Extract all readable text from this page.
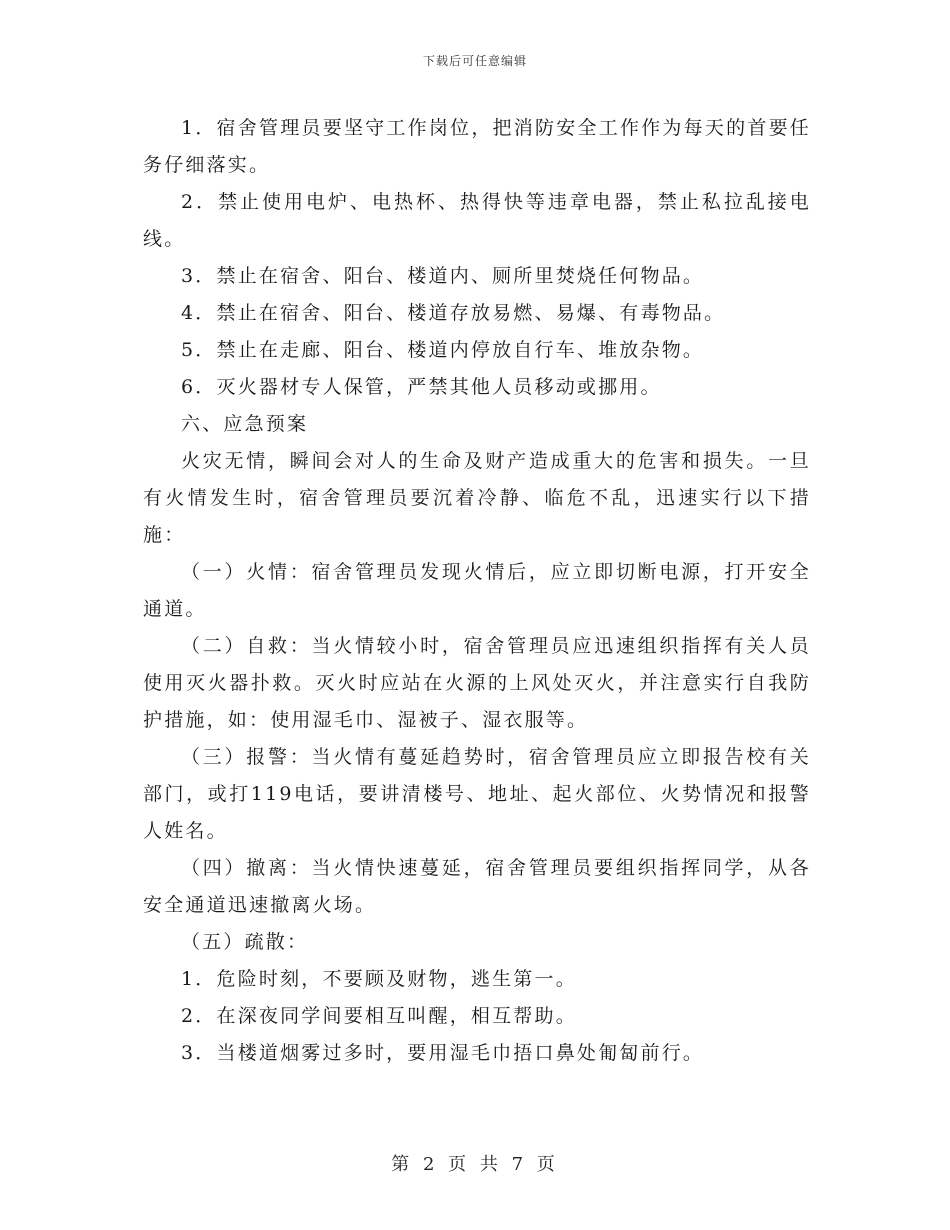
下载后可任意编辑

1．宿舍管理员要坚守工作岗位，把消防安全工作作为每天的首要任务仔细落实。

2．禁止使用电炉、电热杯、热得快等违章电器，禁止私拉乱接电线。

3．禁止在宿舍、阳台、楼道内、厕所里焚烧任何物品。

4．禁止在宿舍、阳台、楼道存放易燃、易爆、有毒物品。

5．禁止在走廊、阳台、楼道内停放自行车、堆放杂物。

6．灭火器材专人保管，严禁其他人员移动或挪用。

六、应急预案

火灾无情，瞬间会对人的生命及财产造成重大的危害和损失。一旦有火情发生时，宿舍管理员要沉着冷静、临危不乱，迅速实行以下措施：

（一）火情：宿舍管理员发现火情后，应立即切断电源，打开安全通道。

（二）自救：当火情较小时，宿舍管理员应迅速组织指挥有关人员使用灭火器扑救。灭火时应站在火源的上风处灭火，并注意实行自我防护措施，如：使用湿毛巾、湿被子、湿衣服等。

（三）报警：当火情有蔓延趋势时，宿舍管理员应立即报告校有关部门，或打119电话，要讲清楼号、地址、起火部位、火势情况和报警人姓名。

（四）撤离：当火情快速蔓延，宿舍管理员要组织指挥同学，从各安全通道迅速撤离火场。

（五）疏散：

1．危险时刻，不要顾及财物，逃生第一。

2．在深夜同学间要相互叫醒，相互帮助。

3．当楼道烟雾过多时，要用湿毛巾捂口鼻处匍匐前行。

第 2 页 共 7 页
